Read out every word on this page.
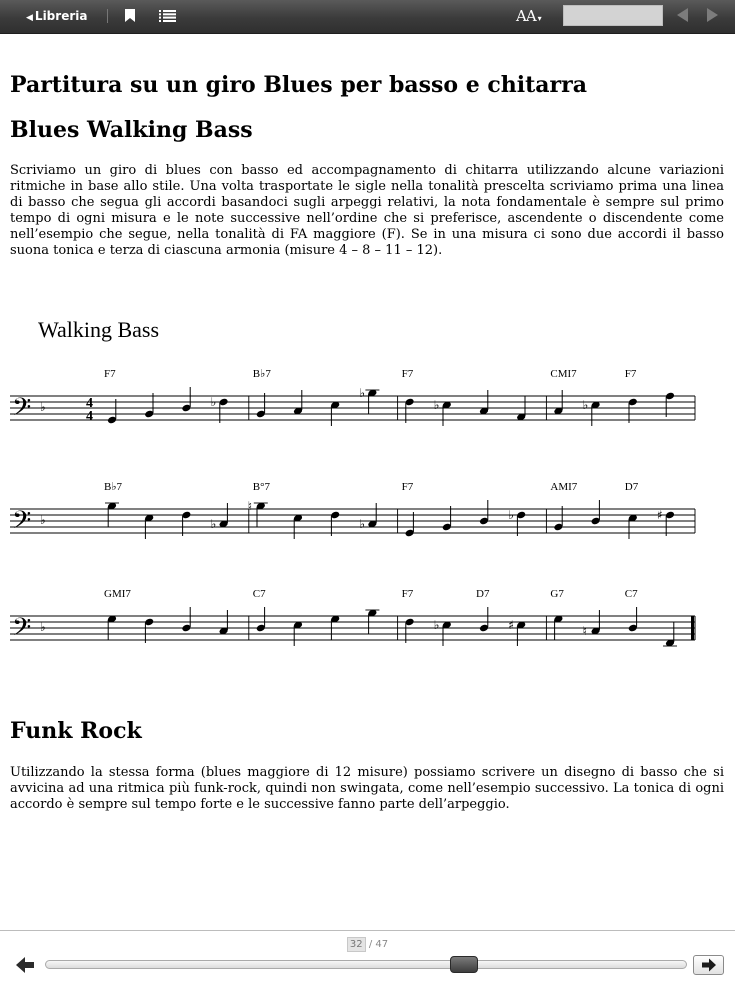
◀ Libreria	AA ▾
Partitura su un giro Blues per basso e chitarra
Blues Walking Bass

Scriviamo un giro di blues con basso ed accompagnamento di chitarra utilizzando alcune variazioni ritmiche in base allo stile. Una volta trasportate le sigle nella tonalità prescelta scriviamo prima una linea di basso che segua gli accordi basandoci sugli arpeggi relativi, la nota fondamentale è sempre sul primo tempo di ogni misura e le note successive nell’ordine che si preferisce, ascendente o discendente come nell’esempio che segue, nella tonalità di FA maggiore (F). Se in una misura ci sono due accordi il basso suona tonica e terza di ciascuna armonia (misure 4 – 8 – 11 – 12).

Walking Bass
𝄢 ♭	4
4
♭
♭
♭	♭
F7	B♭7	F7	CMI7	F7
𝄢 ♭	♭
♮
♭
♭	♯
B♭7	B°7	F7	AMI7	D7
𝄢 ♭	♭	♯	♮
GMI7	C7	F7	D7	G7	C7
Funk Rock

Utilizzando la stessa forma (blues maggiore di 12 misure) possiamo scrivere un disegno di basso che si avvicina ad una ritmica più funk-rock, quindi non swingata, come nell’esempio successivo. La tonica di ogni accordo è sempre sul tempo forte e le successive fanno parte dell’arpeggio.

32 / 47
